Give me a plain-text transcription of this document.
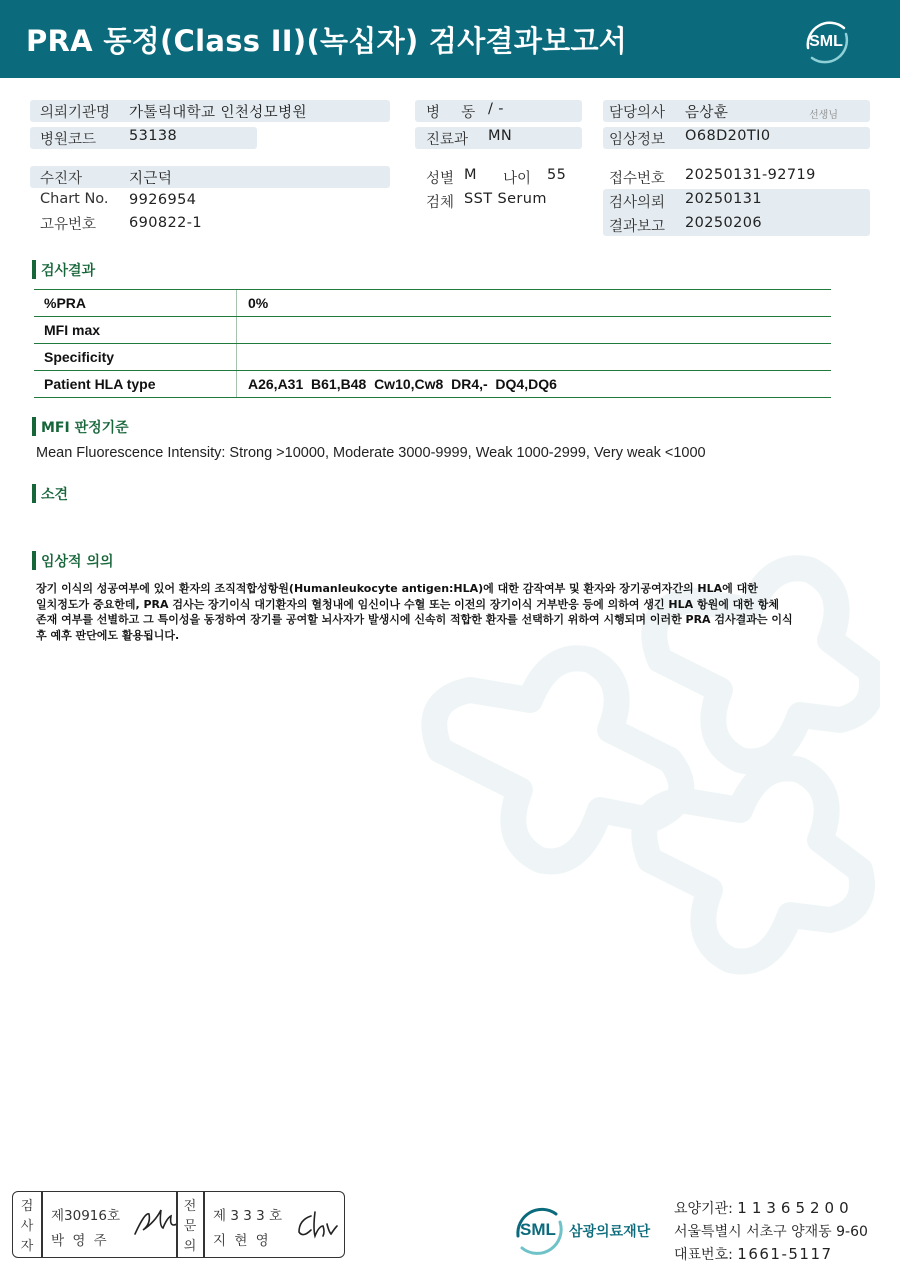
PRA 동정(Class II)(녹십자) 검사결과보고서	SML
의뢰기관명 가톨릭대학교 인천성모병원
병원코드 53138
수진자	지근덕
Chart No. 9926954
고유번호 690822-1
병  동 / -
진료과 MN
성별 M 나이 55
검체 SST Serum
담당의사 음상훈	선생님
임상정보 O68D20TI0
접수번호 20250131-92719
검사의뢰 20250131
결과보고 20250206
검사결과
%PRA	0%
MFI max
Specificity
Patient HLA type	A26,A31  B61,B48  Cw10,Cw8  DR4,-  DQ4,DQ6
MFI 판정기준
Mean Fluorescence Intensity: Strong >10000, Moderate 3000-9999, Weak 1000-2999, Very weak <1000
소견
임상적 의의
장기 이식의 성공여부에 있어 환자의 조직적합성항원(Humanleukocyte antigen:HLA)에 대한 감작여부 및 환자와 장기공여자간의 HLA에 대한
일치정도가 중요한데, PRA 검사는 장기이식 대기환자의 혈청내에 임신이나 수혈 또는 이전의 장기이식 거부반응 등에 의하여 생긴 HLA 항원에 대한 항체
존재 여부를 선별하고 그 특이성을 동정하여 장기를 공여할 뇌사자가 발생시에 신속히 적합한 환자를 선택하기 위하여 시행되며 이러한 PRA 검사결과는 이식
후 예후 판단에도 활용됩니다.
검
사
자
제30916호
박 영 주
전
문
의
제 3 3 3 호
지 현 영
SML 삼광의료재단
요양기관: 11365200
서울특별시 서초구 양재동 9-60
대표번호: 1661-5117
